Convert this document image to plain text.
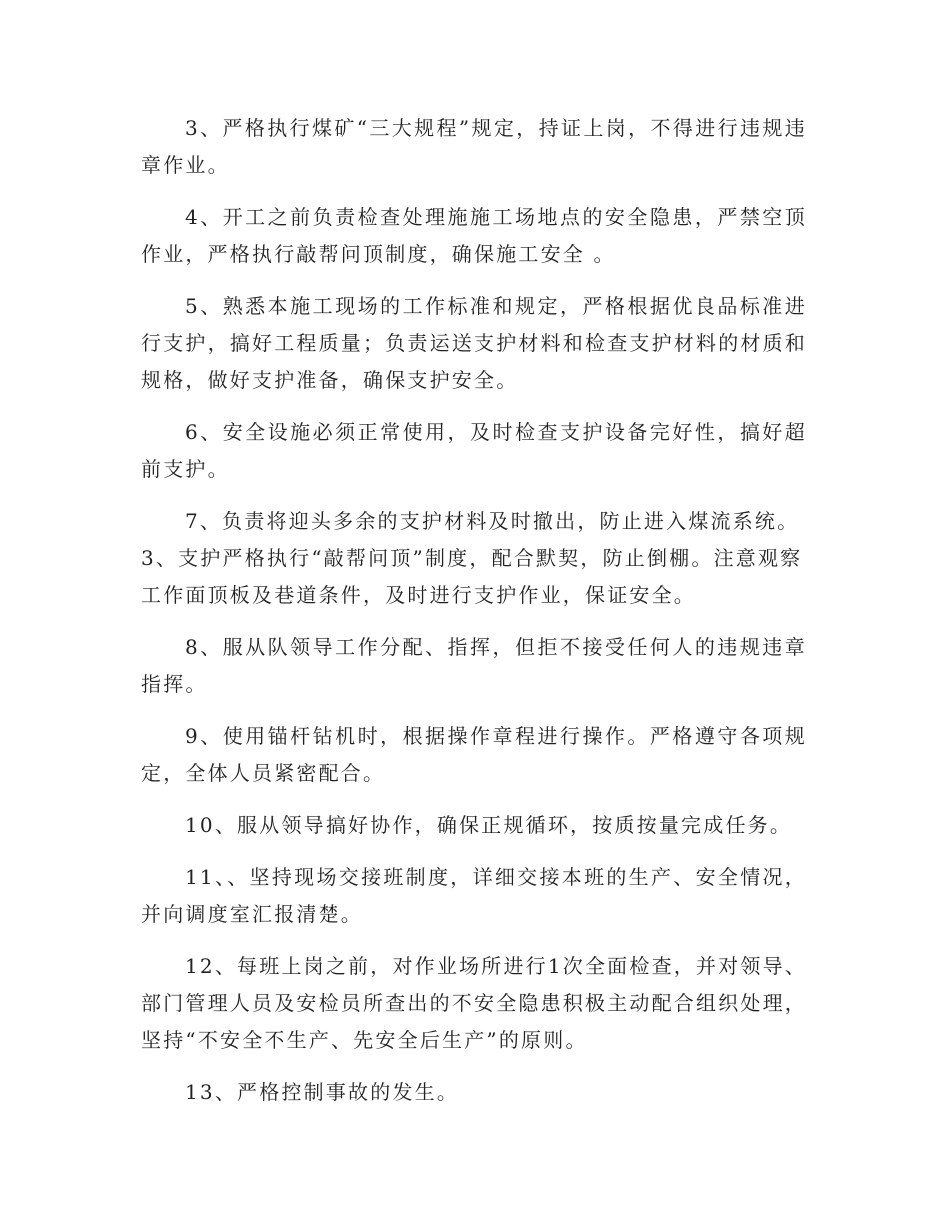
3、严格执行煤矿“三大规程”规定，持证上岗，不得进行违规违章作业。

4、开工之前负责检查处理施施工场地点的安全隐患，严禁空顶作业，严格执行敲帮问顶制度，确保施工安全 。

5、熟悉本施工现场的工作标准和规定，严格根据优良品标准进行支护，搞好工程质量；负责运送支护材料和检查支护材料的材质和规格，做好支护准备，确保支护安全。

6、安全设施必须正常使用，及时检查支护设备完好性，搞好超前支护。

7、负责将迎头多余的支护材料及时撤出，防止进入煤流系统。3、支护严格执行“敲帮问顶”制度，配合默契，防止倒棚。注意观察工作面顶板及巷道条件，及时进行支护作业，保证安全。

8、服从队领导工作分配、指挥，但拒不接受任何人的违规违章指挥。

9、使用锚杆钻机时，根据操作章程进行操作。严格遵守各项规定，全体人员紧密配合。

10、服从领导搞好协作，确保正规循环，按质按量完成任务。

11、、坚持现场交接班制度，详细交接本班的生产、安全情况，并向调度室汇报清楚。

12、每班上岗之前，对作业场所进行1次全面检查，并对领导、部门管理人员及安检员所查出的不安全隐患积极主动配合组织处理，坚持“不安全不生产、先安全后生产”的原则。

13、严格控制事故的发生。
